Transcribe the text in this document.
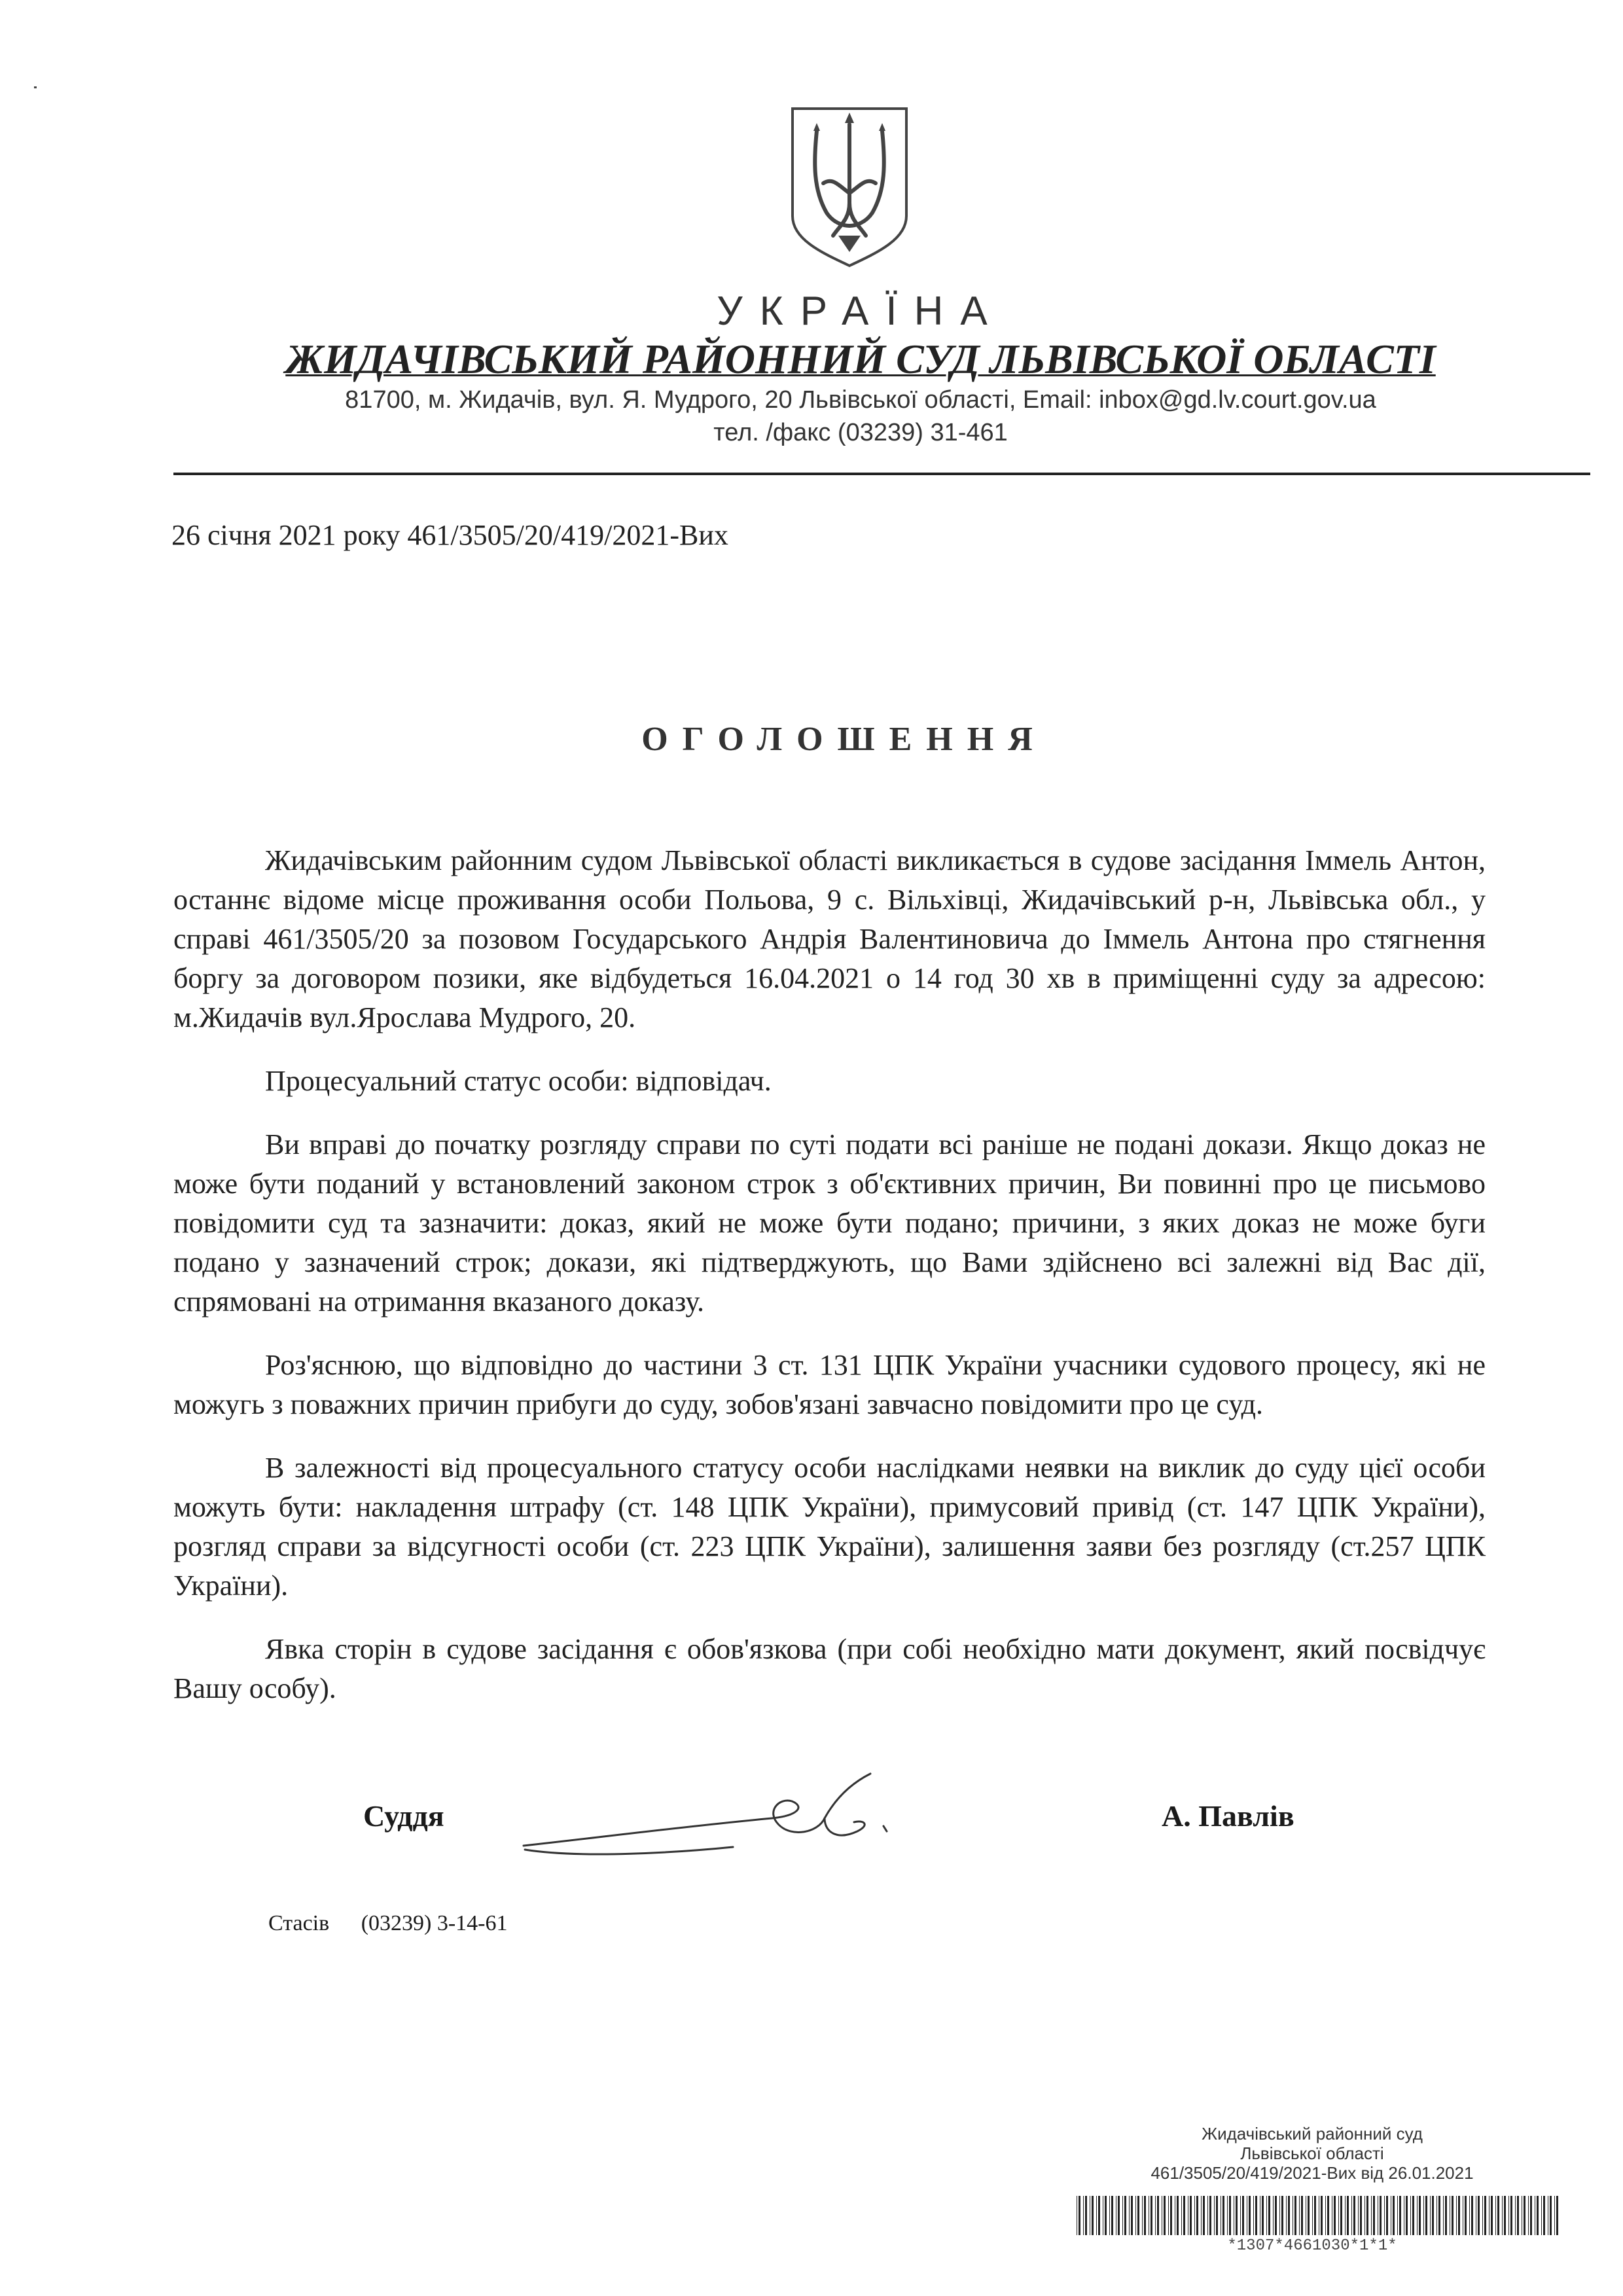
УКРАЇНА
ЖИДАЧІВСЬКИЙ РАЙОННИЙ СУД ЛЬВІВСЬКОЇ ОБЛАСТІ
81700, м. Жидачів, вул. Я. Мудрого, 20 Львівської області, Email: inbox@gd.lv.court.gov.ua
тел. /факс (03239) 31-461
26 січня 2021 року 461/3505/20/419/2021-Вих
ОГОЛОШЕННЯ

Жидачівським районним судом Львівської області викликається в судове засідання Іммель Антон, останнє відоме місце проживання особи Польова, 9 с. Вільхівці, Жидачівський р-н, Львівська обл., у справі 461/3505/20 за позовом Государського Андрія Валентиновича до Іммель Антона про стягнення боргу за договором позики, яке відбудеться 16.04.2021 о 14 год 30 хв в приміщенні суду за адресою: м.Жидачів вул.Ярослава Мудрого, 20.

Процесуальний статус особи: відповідач.

Ви вправі до початку розгляду справи по суті подати всі раніше не подані докази. Якщо доказ не може бути поданий у встановлений законом строк з об'єктивних причин, Ви повинні про це письмово повідомити суд та зазначити: доказ, який не може бути подано; причини, з яких доказ не може буги подано у зазначений строк; докази, які підтверджують, що Вами здійснено всі залежні від Вас дії, спрямовані на отримання вказаного доказу.

Роз'яснюю, що відповідно до частини 3 ст. 131 ЦПК України учасники судового процесу, які не можугь з поважних причин прибуги до суду, зобов'язані завчасно повідомити про це суд.

В залежності від процесуального статусу особи наслідками неявки на виклик до суду цієї особи можуть бути: накладення штрафу (ст. 148 ЦПК України), примусовий привід (ст. 147 ЦПК України), розгляд справи за відсугності особи (ст. 223 ЦПК України), залишення заяви без розгляду (ст.257 ЦПК України).

Явка сторін в судове засідання є обов'язкова (при собі необхідно мати документ, який посвідчує Вашу особу).

Суддя	А. Павлів
Стасів (03239) 3-14-61
Жидачівський районний суд
Львівської області
461/3505/20/419/2021-Вих від 26.01.2021
*1307*4661030*1*1*
